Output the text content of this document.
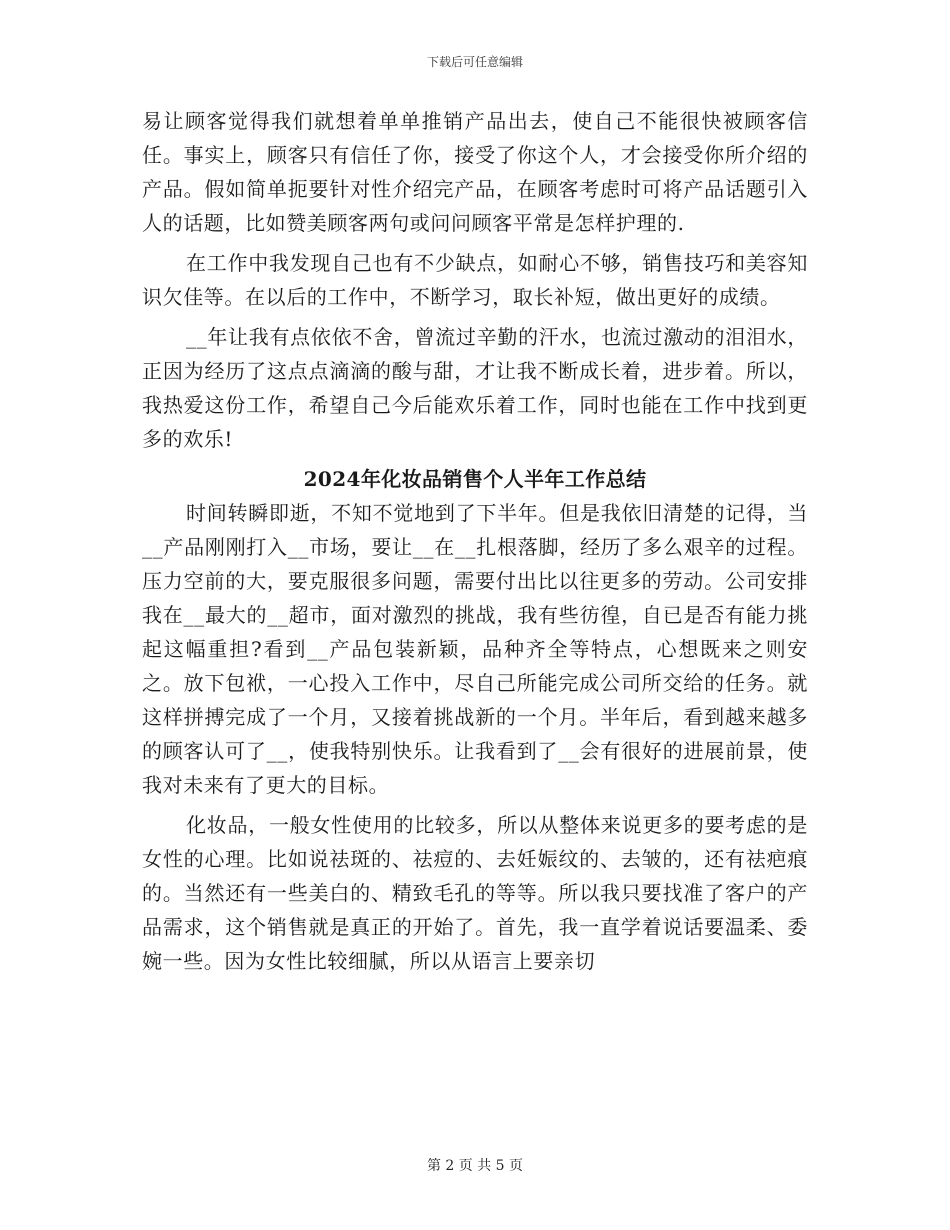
下载后可任意编辑

易让顾客觉得我们就想着单单推销产品出去，使自己不能很快被顾客信任。事实上，顾客只有信任了你，接受了你这个人，才会接受你所介绍的产品。假如简单扼要针对性介绍完产品，在顾客考虑时可将产品话题引入人的话题，比如赞美顾客两句或问问顾客平常是怎样护理的.

在工作中我发现自己也有不少缺点，如耐心不够，销售技巧和美容知识欠佳等。在以后的工作中，不断学习，取长补短，做出更好的成绩。

__年让我有点依依不舍，曾流过辛勤的汗水，也流过激动的泪泪水，正因为经历了这点点滴滴的酸与甜，才让我不断成长着，进步着。所以，我热爱这份工作，希望自己今后能欢乐着工作，同时也能在工作中找到更多的欢乐!

2024年化妆品销售个人半年工作总结

时间转瞬即逝，不知不觉地到了下半年。但是我依旧清楚的记得，当__产品刚刚打入__市场，要让__在__扎根落脚，经历了多么艰辛的过程。压力空前的大，要克服很多问题，需要付出比以往更多的劳动。公司安排我在__最大的__超市，面对激烈的挑战，我有些彷徨，自已是否有能力挑起这幅重担?看到__产品包装新颖，品种齐全等特点，心想既来之则安之。放下包袱，一心投入工作中，尽自己所能完成公司所交给的任务。就这样拼搏完成了一个月，又接着挑战新的一个月。半年后，看到越来越多的顾客认可了__，使我特别快乐。让我看到了__会有很好的进展前景，使我对未来有了更大的目标。

化妆品，一般女性使用的比较多，所以从整体来说更多的要考虑的是女性的心理。比如说祛斑的、祛痘的、去妊娠纹的、去皱的，还有祛疤痕的。当然还有一些美白的、精致毛孔的等等。所以我只要找准了客户的产品需求，这个销售就是真正的开始了。首先，我一直学着说话要温柔、委婉一些。因为女性比较细腻，所以从语言上要亲切

第 2 页 共 5 页
